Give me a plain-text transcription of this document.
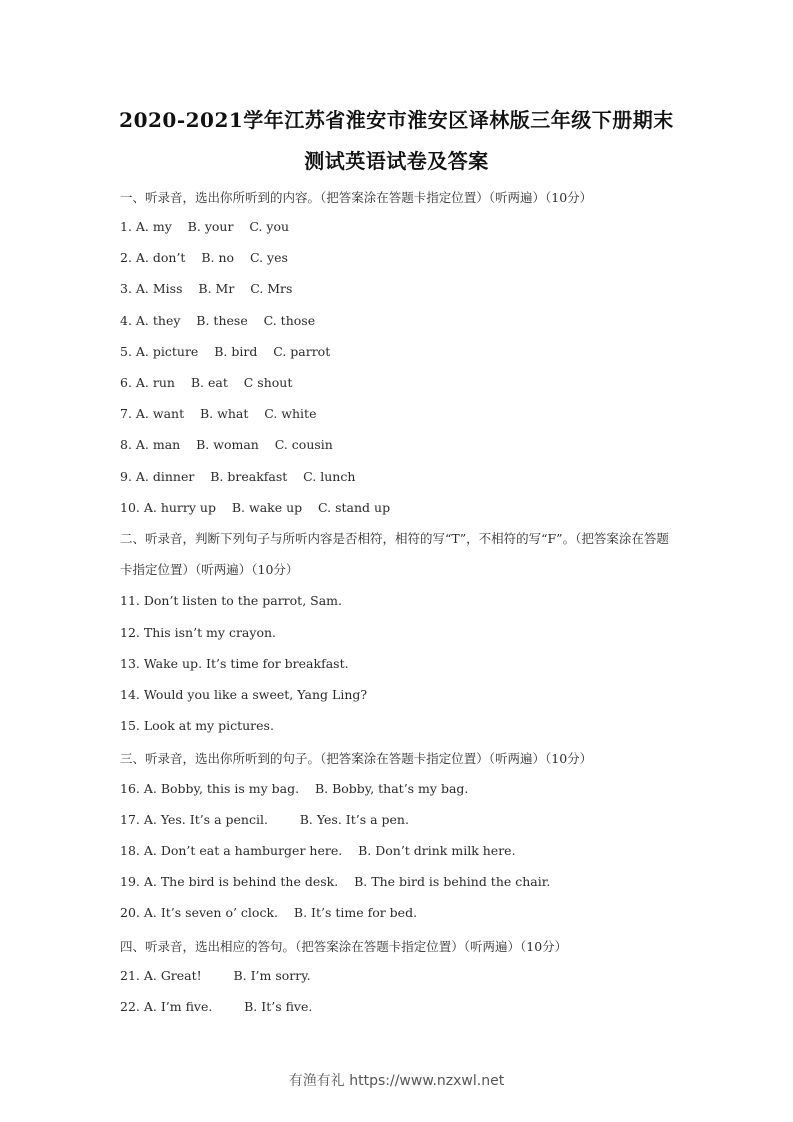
2020-2021学年江苏省淮安市淮安区译林版三年级下册期末
测试英语试卷及答案
一、听录音，选出你所听到的内容。（把答案涂在答题卡指定位置）（听两遍）（10分）
1. A. my    B. your    C. you
2. A. don’t    B. no    C. yes
3. A. Miss    B. Mr    C. Mrs
4. A. they    B. these    C. those
5. A. picture    B. bird    C. parrot
6. A. run    B. eat    C shout
7. A. want    B. what    C. white
8. A. man    B. woman    C. cousin
9. A. dinner    B. breakfast    C. lunch
10. A. hurry up    B. wake up    C. stand up
二、听录音，判断下列句子与所听内容是否相符，相符的写“T”，不相符的写“F”。（把答案涂在答题卡指定位置）（听两遍）（10分）
11. Don’t listen to the parrot, Sam.
12. This isn’t my crayon.
13. Wake up. It’s time for breakfast.
14. Would you like a sweet, Yang Ling?
15. Look at my pictures.
三、听录音，选出你所听到的句子。（把答案涂在答题卡指定位置）（听两遍）（10分）
16. A. Bobby, this is my bag.    B. Bobby, that’s my bag.
17. A. Yes. It’s a pencil.        B. Yes. It’s a pen.
18. A. Don’t eat a hamburger here.    B. Don’t drink milk here.
19. A. The bird is behind the desk.    B. The bird is behind the chair.
20. A. It’s seven o’ clock.    B. It’s time for bed.
四、听录音，选出相应的答句。（把答案涂在答题卡指定位置）（听两遍）（10分）
21. A. Great!        B. I’m sorry.
22. A. I’m five.        B. It’s five.
有渔有礼 https://www.nzxwl.net
